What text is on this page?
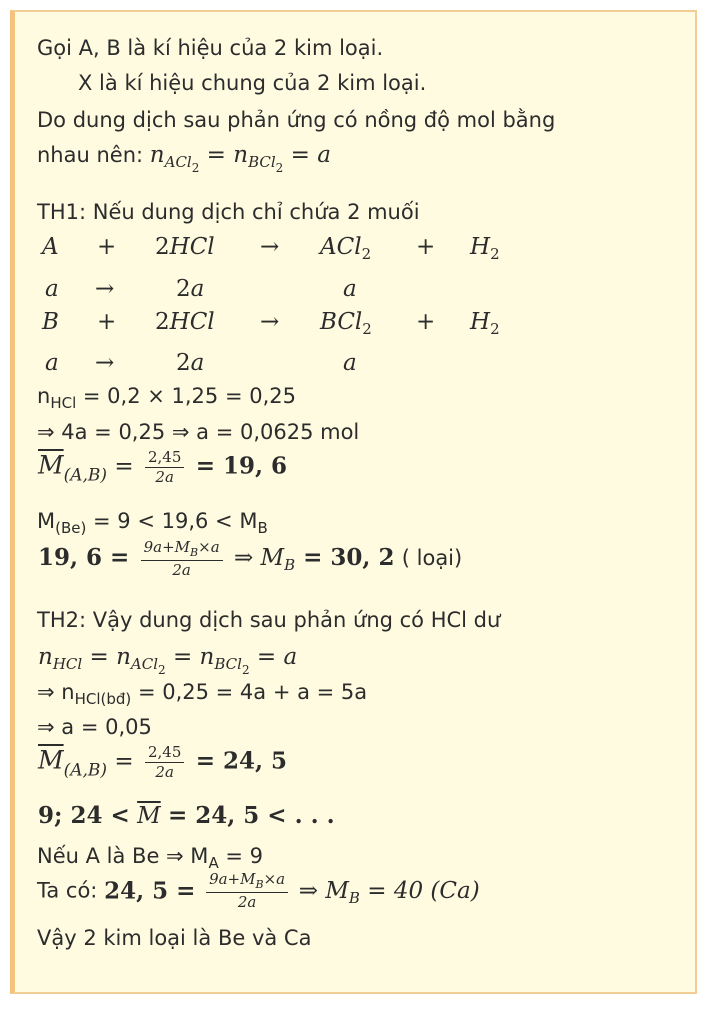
Gọi A, B là kí hiệu của 2 kim loại.
X là kí hiệu chung của 2 kim loại.
Do dung dịch sau phản ứng có nồng độ mol bằng
nhau nên: $n_{ACl_2} = n_{BCl_2} = a$
TH1: Nếu dung dịch chỉ chứa 2 muối
$A + 2HCl \to ACl_2 + H_2$
a →	2a	a
$B + 2HCl \to BCl_2 + H_2$
a →	2a	a
$n_{HCl} = 0,2 \times 1,25 = 0,25$
⇒ 4a = 0,25 ⇒ a = 0,0625 mol
$\overline{M}_{(A,B)} = \frac{2,45}{2a} = 19$, 6
$M_{(Be)} = 9 < 19,6 < M_B$
19, $6 = \frac{9a+M_B\times a}{2a}$ ⇒ $M_B = 30$, 2 ( loại)
TH2: Vậy dung dịch sau phản ứng có HCl dư
$n_{HCl} = n_{ACl_2} = n_{BCl_2} = a$
⇒ $n_{HCl(bđ)} = 0,25 = 4a + a = 5a$
⇒ a = 0,05
$\overline{M}_{(A,B)} = \frac{2,45}{2a} = 24$, 5
9; $24 < \overline{M} = 24$, 5 < . . .
Nếu A là Be ⇒ $M_A = 9$
Ta có: 24, $5 = \frac{9a+M_B\times a}{2a}$ ⇒ $M_B = 40$ (Ca)
Vậy 2 kim loại là Be và Ca
